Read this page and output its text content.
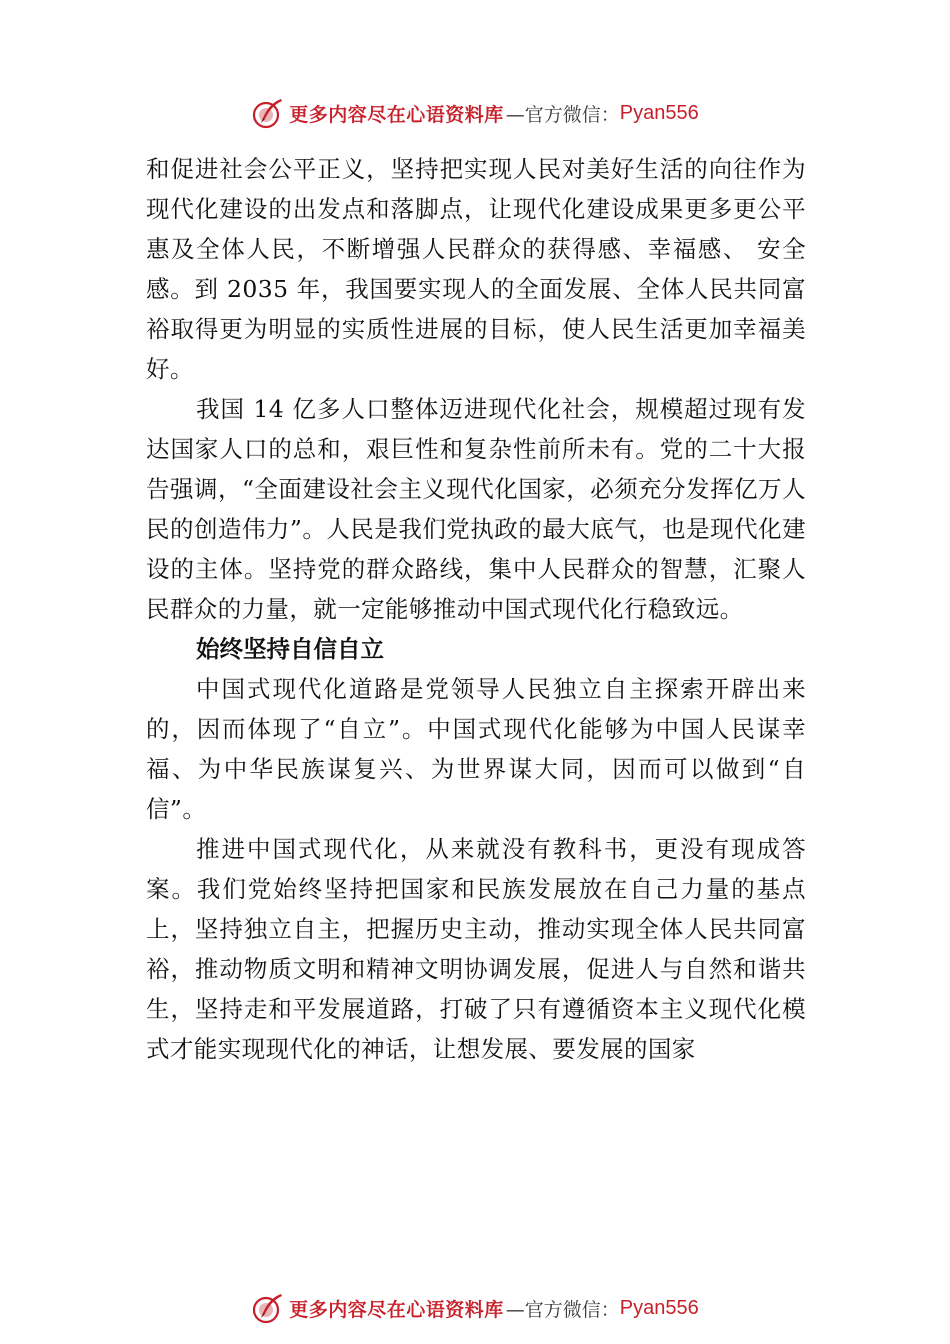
更多内容尽在心语资料库 —官方微信： Pyan556

和促进社会公平正义，坚持把实现人民对美好生活的向往作为现代化建设的出发点和落脚点，让现代化建设成果更多更公平惠及全体人民，不断增强人民群众的获得感、幸福感、 安全感。到 2035 年，我国要实现人的全面发展、全体人民共同富裕取得更为明显的实质性进展的目标，使人民生活更加幸福美好。

我国 14 亿多人口整体迈进现代化社会，规模超过现有发达国家人口的总和，艰巨性和复杂性前所未有。党的二十大报告强调，“全面建设社会主义现代化国家，必须充分发挥亿万人民的创造伟力”。人民是我们党执政的最大底气，也是现代化建设的主体。坚持党的群众路线，集中人民群众的智慧，汇聚人民群众的力量，就一定能够推动中国式现代化行稳致远。

始终坚持自信自立

中国式现代化道路是党领导人民独立自主探索开辟出来的，因而体现了“自立”。中国式现代化能够为中国人民谋幸福、为中华民族谋复兴、为世界谋大同，因而可以做到“自信”。

推进中国式现代化，从来就没有教科书，更没有现成答案。我们党始终坚持把国家和民族发展放在自己力量的基点上，坚持独立自主，把握历史主动，推动实现全体人民共同富裕，推动物质文明和精神文明协调发展，促进人与自然和谐共生，坚持走和平发展道路，打破了只有遵循资本主义现代化模式才能实现现代化的神话，让想发展、要发展的国家

更多内容尽在心语资料库 —官方微信： Pyan556
